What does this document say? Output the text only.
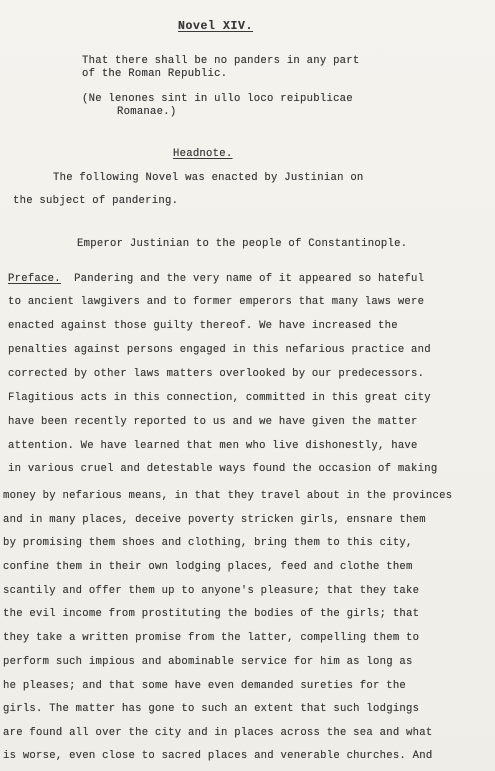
Novel XIV.
That there shall be no panders in any part
of the Roman Republic.
(Ne lenones sint in ullo loco reipublicae
Romanae.)
Headnote.
The following Novel was enacted by Justinian on
the subject of pandering.
Emperor Justinian to the people of Constantinople.
Preface. Pandering and the very name of it appeared so hateful
to ancient lawgivers and to former emperors that many laws were
enacted against those guilty thereof. We have increased the
penalties against persons engaged in this nefarious practice and
corrected by other laws matters overlooked by our predecessors.
Flagitious acts in this connection, committed in this great city
have been recently reported to us and we have given the matter
attention. We have learned that men who live dishonestly, have
in various cruel and detestable ways found the occasion of making
money by nefarious means, in that they travel about in the provinces
and in many places, deceive poverty stricken girls, ensnare them
by promising them shoes and clothing, bring them to this city,
confine them in their own lodging places, feed and clothe them
scantily and offer them up to anyone's pleasure; that they take
the evil income from prostituting the bodies of the girls; that
they take a written promise from the latter, compelling them to
perform such impious and abominable service for him as long as
he pleases; and that some have even demanded sureties for the
girls. The matter has gone to such an extent that such lodgings
are found all over the city and in places across the sea and what
is worse, even close to sacred places and venerable churches. And
